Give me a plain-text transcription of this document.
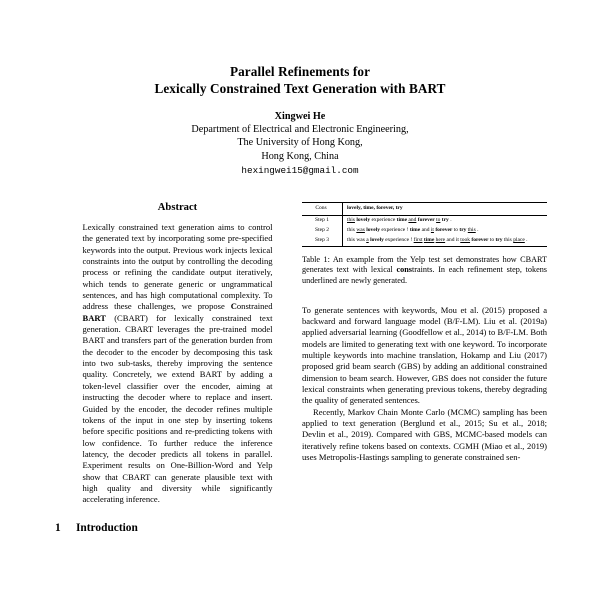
Parallel Refinements for
Lexically Constrained Text Generation with BART
Xingwei He
Department of Electrical and Electronic Engineering,
The University of Hong Kong,
Hong Kong, China
hexingwei15@gmail.com
Abstract

Lexically constrained text generation aims to control the generated text by incorporating some pre-specified keywords into the output. Previous work injects lexical constraints into the output by controlling the decoding process or refining the candidate output iteratively, which tends to generate generic or ungrammatical sentences, and has high computational complexity. To address these challenges, we propose Constrained BART (CBART) for lexically constrained text generation. CBART leverages the pre-trained model BART and transfers part of the generation burden from the decoder to the encoder by decomposing this task into two sub-tasks, thereby improving the sentence quality. Concretely, we extend BART by adding a token-level classifier over the encoder, aiming at instructing the decoder where to replace and insert. Guided by the encoder, the decoder refines multiple tokens of the input in one step by inserting tokens before specific positions and re-predicting tokens with low confidence. To further reduce the inference latency, the decoder predicts all tokens in parallel. Experiment results on One-Billion-Word and Yelp show that CBART can generate plausible text with high quality and diversity while significantly accelerating inference.

1	Introduction

Cons	lovely, time, forever, try

Step 1	this lovely experience time and forever to try .
Step 2	this was lovely experience ! time and it forever to try this .
Step 3	this was a lovely experience ! first time here and it took forever to try this place .

Table 1: An example from the Yelp test set demonstrates how CBART generates text with lexical constraints. In each refinement step, tokens underlined are newly generated.

To generate sentences with keywords, Mou et al. (2015) proposed a backward and forward language model (B/F-LM). Liu et al. (2019a) applied adversarial learning (Goodfellow et al., 2014) to B/F-LM. Both models are limited to generating text with one keyword. To incorporate multiple keywords into machine translation, Hokamp and Liu (2017) proposed grid beam search (GBS) by adding an additional constrained dimension to beam search. However, GBS does not consider the future lexical constraints when generating previous tokens, thereby degrading the quality of generated sentences.

Recently, Markov Chain Monte Carlo (MCMC) sampling has been applied to text generation (Berglund et al., 2015; Su et al., 2018; Devlin et al., 2019). Compared with GBS, MCMC-based models can iteratively refine tokens based on contexts. CGMH (Miao et al., 2019) uses Metropolis-Hastings sampling to generate constrained sen-
